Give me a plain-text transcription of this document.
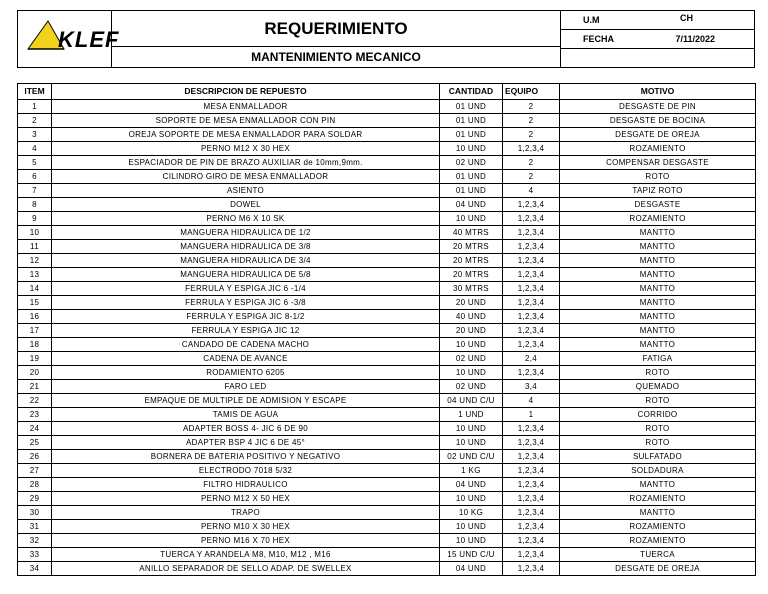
KLEF	REQUERIMIENTO
MANTENIMIENTO MECANICO
U.M	CH
FECHA	7/11/2022
ITEM	DESCRIPCION DE REPUESTO	CANTIDAD	EQUIPO	MOTIVO
1	MESA ENMALLADOR	01 UND	2	DESGASTE DE PIN
2	SOPORTE DE MESA ENMALLADOR CON PIN	01 UND	2	DESGASTE DE BOCINA
3	OREJA SOPORTE DE MESA ENMALLADOR PARA SOLDAR	01 UND	2	DESGATE DE OREJA
4	PERNO M12 X 30 HEX	10 UND	1,2,3,4	ROZAMIENTO
5	ESPACIADOR DE PIN DE BRAZO AUXILIAR de 10mm,9mm.	02 UND	2	COMPENSAR DESGASTE
6	CILINDRO GIRO DE MESA ENMALLADOR	01 UND	2	ROTO
7	ASIENTO	01 UND	4	TAPIZ ROTO
8	DOWEL	04 UND	1,2,3,4	DESGASTE
9	PERNO M6 X 10 SK	10 UND	1,2,3,4	ROZAMIENTO
10	MANGUERA HIDRAULICA DE 1/2	40 MTRS	1,2,3,4	MANTTO
11	MANGUERA HIDRAULICA DE 3/8	20 MTRS	1,2,3,4	MANTTO
12	MANGUERA HIDRAULICA DE 3/4	20 MTRS	1,2,3,4	MANTTO
13	MANGUERA HIDRAULICA DE 5/8	20 MTRS	1,2,3,4	MANTTO
14	FERRULA Y ESPIGA JIC 6 -1/4	30 MTRS	1,2,3,4	MANTTO
15	FERRULA Y ESPIGA JIC 6 -3/8	20 UND	1,2,3,4	MANTTO
16	FERRULA Y ESPIGA JIC 8-1/2	40 UND	1,2,3,4	MANTTO
17	FERRULA Y ESPIGA JIC 12	20 UND	1,2,3,4	MANTTO
18	CANDADO DE CADENA MACHO	10 UND	1,2,3,4	MANTTO
19	CADENA DE AVANCE	02 UND	2,4	FATIGA
20	RODAMIENTO 6205	10 UND	1,2,3,4	ROTO
21	FARO LED	02 UND	3,4	QUEMADO
22	EMPAQUE DE MULTIPLE DE ADMISION Y ESCAPE	04 UND C/U	4	ROTO
23	TAMIS DE AGUA	1 UND	1	CORRIDO
24	ADAPTER BOSS 4- JIC 6 DE 90	10 UND	1,2,3,4	ROTO
25	ADAPTER BSP 4 JIC 6 DE 45°	10 UND	1,2,3,4	ROTO
26	BORNERA DE BATERIA POSITIVO Y NEGATIVO	02 UND C/U	1,2,3,4	SULFATADO
27	ELECTRODO 7018 5/32	1 KG	1,2,3,4	SOLDADURA
28	FILTRO HIDRAULICO	04 UND	1,2,3,4	MANTTO
29	PERNO M12 X 50 HEX	10 UND	1,2,3,4	ROZAMIENTO
30	TRAPO	10 KG	1,2,3,4	MANTTO
31	PERNO M10 X 30 HEX	10 UND	1,2,3,4	ROZAMIENTO
32	PERNO M16 X 70 HEX	10 UND	1,2,3,4	ROZAMIENTO
33	TUERCA Y ARANDELA M8, M10, M12 , M16	15 UND C/U	1,2,3,4	TUERCA
34	ANILLO SEPARADOR DE SELLO ADAP. DE SWELLEX	04 UND	1,2,3,4	DESGATE DE OREJA
